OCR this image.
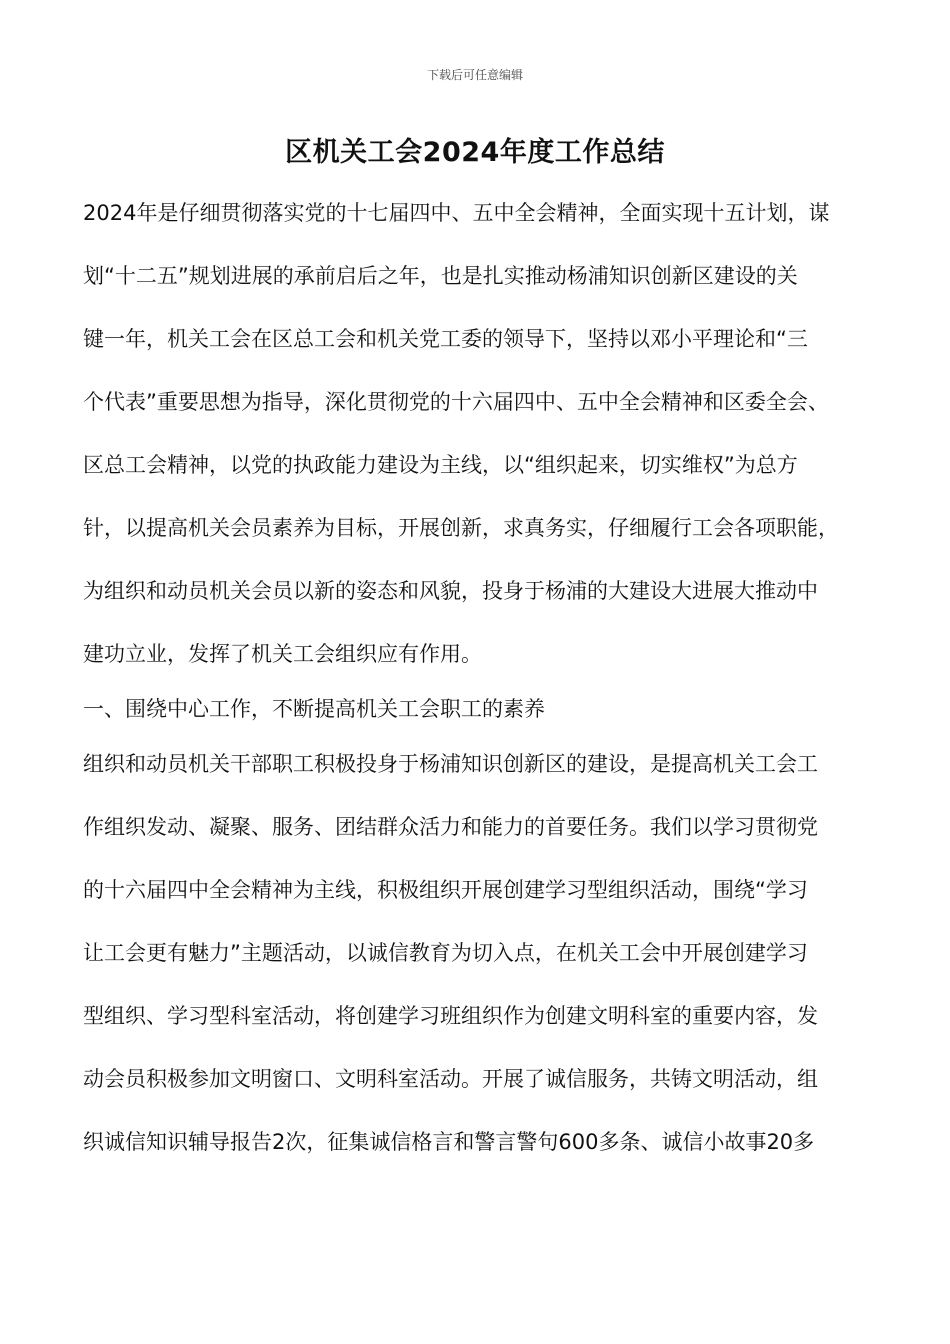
下载后可任意编辑
区机关工会2024年度工作总结
2024年是仔细贯彻落实党的十七届四中、五中全会精神，全面实现十五计划，谋
划“十二五”规划进展的承前启后之年，也是扎实推动杨浦知识创新区建设的关
键一年，机关工会在区总工会和机关党工委的领导下，坚持以邓小平理论和“三
个代表”重要思想为指导，深化贯彻党的十六届四中、五中全会精神和区委全会、
区总工会精神，以党的执政能力建设为主线，以“组织起来，切实维权”为总方
针，以提高机关会员素养为目标，开展创新，求真务实，仔细履行工会各项职能，
为组织和动员机关会员以新的姿态和风貌，投身于杨浦的大建设大进展大推动中
建功立业，发挥了机关工会组织应有作用。
一、围绕中心工作，不断提高机关工会职工的素养
组织和动员机关干部职工积极投身于杨浦知识创新区的建设，是提高机关工会工
作组织发动、凝聚、服务、团结群众活力和能力的首要任务。我们以学习贯彻党
的十六届四中全会精神为主线，积极组织开展创建学习型组织活动，围绕“学习
让工会更有魅力”主题活动，以诚信教育为切入点，在机关工会中开展创建学习
型组织、学习型科室活动，将创建学习班组织作为创建文明科室的重要内容，发
动会员积极参加文明窗口、文明科室活动。开展了诚信服务，共铸文明活动，组
织诚信知识辅导报告2次，征集诚信格言和警言警句600多条、诚信小故事20多
